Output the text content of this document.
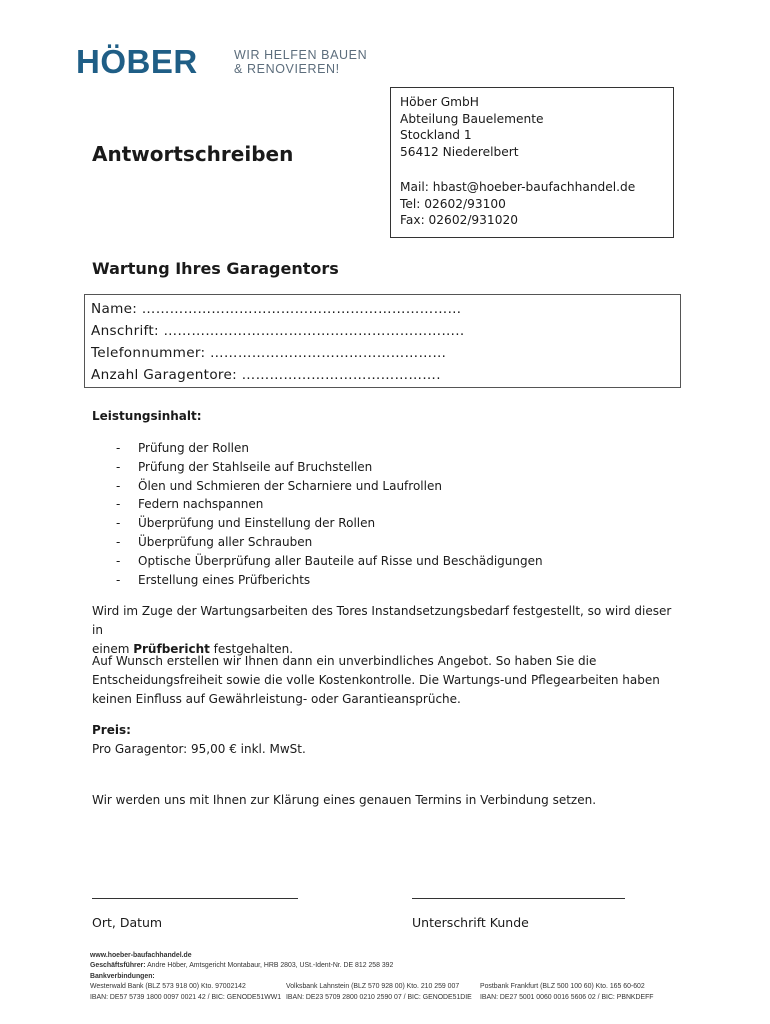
HÖBER	WIR HELFEN BAUEN
& RENOVIEREN!
Höber GmbH
Abteilung Bauelemente
Stockland 1
56412 Niederelbert
Mail: hbast@hoeber-baufachhandel.de
Tel: 02602/93100
Fax: 02602/931020
Antwortschreiben
Wartung Ihres Garagentors
Name: ……………………………………………………………
Anschrift: ………………………………………………………..
Telefonnummer: ……………………………………………
Anzahl Garagentore: …………………………………….
Leistungsinhalt:
- Prüfung der Rollen
- Prüfung der Stahlseile auf Bruchstellen
- Ölen und Schmieren der Scharniere und Laufrollen
- Federn nachspannen
- Überprüfung und Einstellung der Rollen
- Überprüfung aller Schrauben
- Optische Überprüfung aller Bauteile auf Risse und Beschädigungen
- Erstellung eines Prüfberichts
Wird im Zuge der Wartungsarbeiten des Tores Instandsetzungsbedarf festgestellt, so wird dieser in
einem Prüfbericht festgehalten.
Auf Wunsch erstellen wir Ihnen dann ein unverbindliches Angebot. So haben Sie die
Entscheidungsfreiheit sowie die volle Kostenkontrolle. Die Wartungs-und Pflegearbeiten haben
keinen Einfluss auf Gewährleistung- oder Garantieansprüche.
Preis:
Pro Garagentor: 95,00 € inkl. MwSt.
Wir werden uns mit Ihnen zur Klärung eines genauen Termins in Verbindung setzen.
Ort, Datum	Unterschrift Kunde
www.hoeber-baufachhandel.de
Geschäftsführer: Andre Höber, Amtsgericht Montabaur, HRB 2803, USt.-Ident-Nr. DE 812 258 392
Bankverbindungen:
Westerwald Bank (BLZ 573 918 00) Kto. 97002142	Volksbank Lahnstein (BLZ 570 928 00) Kto. 210 259 007	Postbank Frankfurt (BLZ 500 100 60) Kto. 165 60-602
IBAN: DE57 5739 1800 0097 0021 42 / BIC: GENODE51WW1 IBAN: DE23 5709 2800 0210 2590 07 / BIC: GENODE51DIE IBAN: DE27 5001 0060 0016 5606 02 / BIC: PBNKDEFF
